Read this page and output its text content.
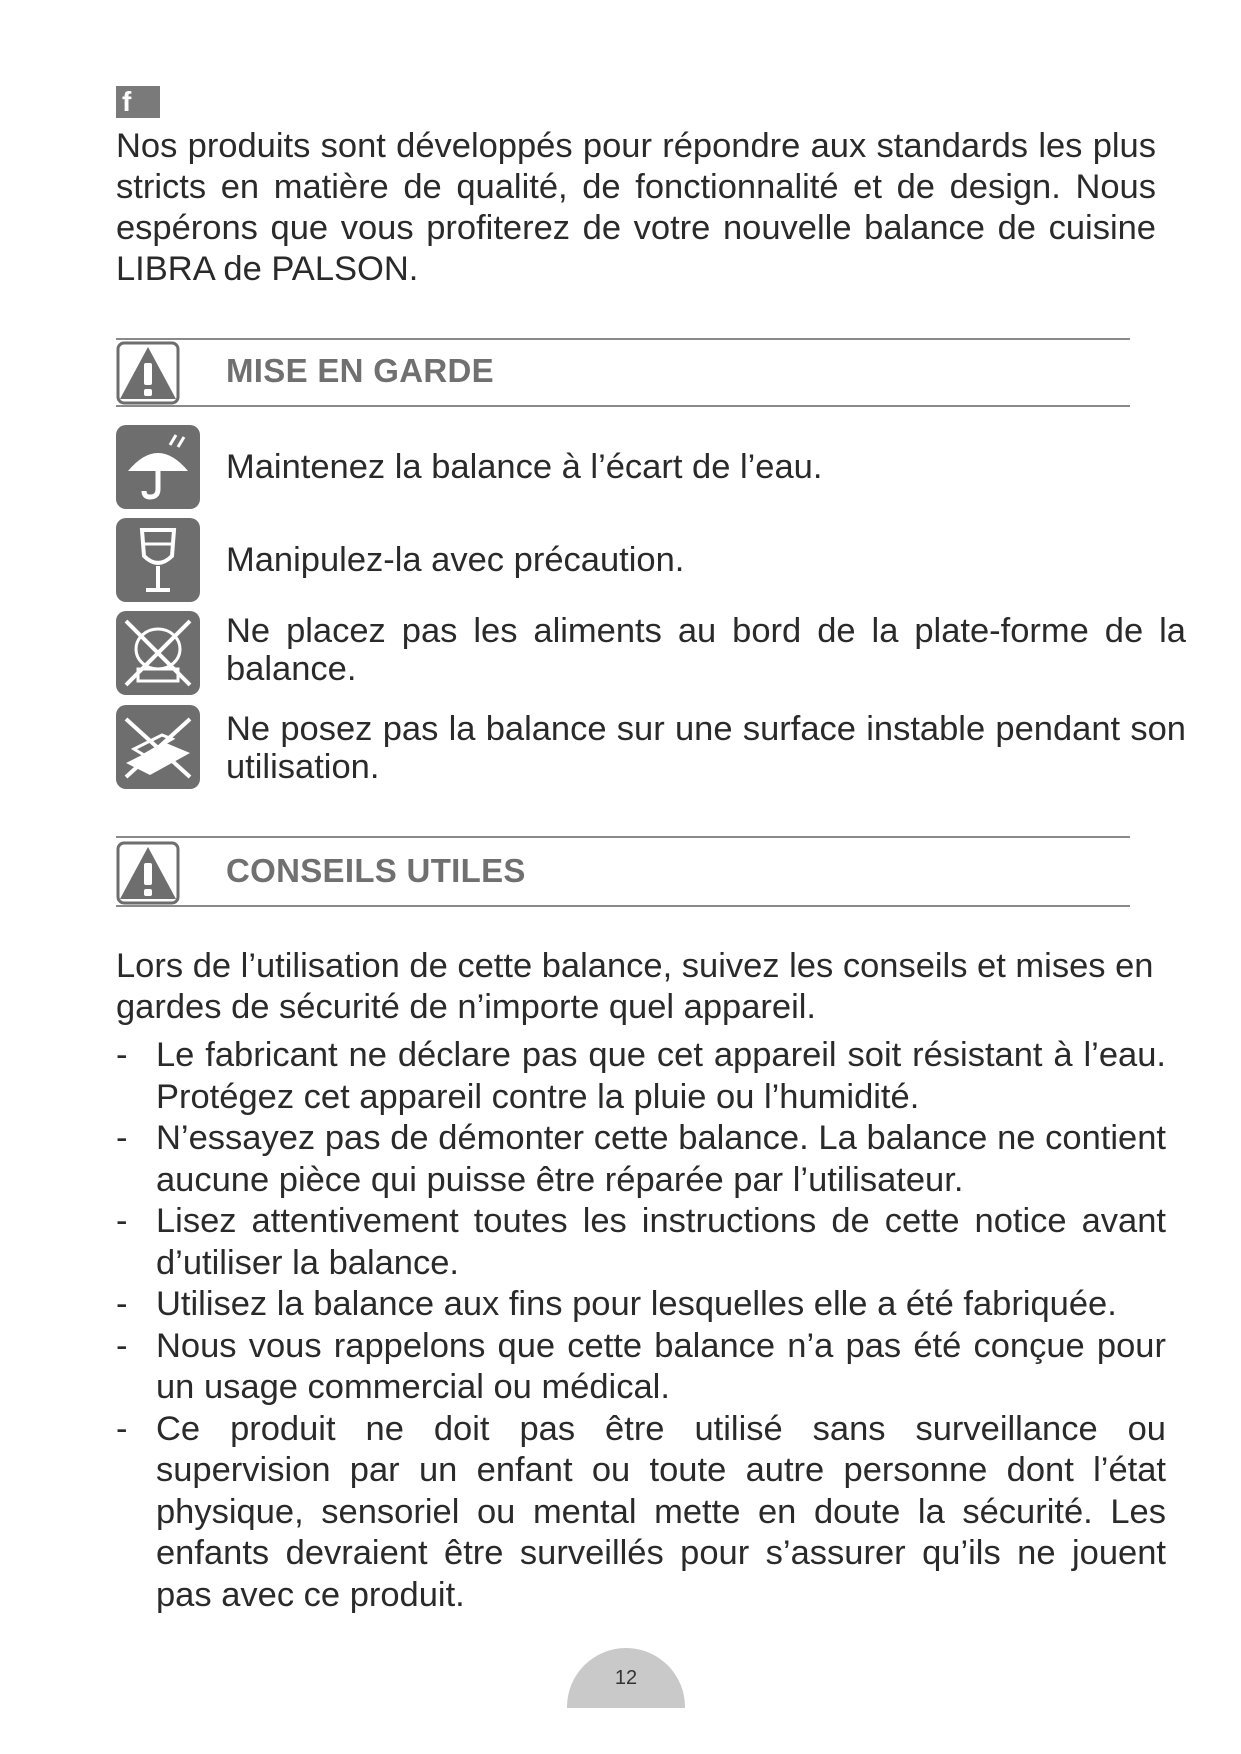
f
Nos produits sont développés pour répondre aux standards les plus stricts en matière de qualité, de fonctionnalité et de design. Nous espérons que vous profiterez de votre nouvelle balance de cuisine LIBRA de PALSON.
MISE EN GARDE
Maintenez la balance à l’écart de l’eau.
Manipulez-la avec précaution.
Ne placez pas les aliments au bord de la plate-forme de la balance.
Ne posez pas la balance sur une surface instable pendant son utilisation.
CONSEILS UTILES
Lors de l’utilisation de cette balance, suivez les conseils et mises en gardes de sécurité de n’importe quel appareil.
- Le fabricant ne déclare pas que cet appareil soit résistant à l’eau. Protégez cet appareil contre la pluie ou l’humidité.
- N’essayez pas de démonter cette balance. La balance ne contient aucune pièce qui puisse être réparée par l’utilisateur.
- Lisez attentivement toutes les instructions de cette notice avant d’utiliser la balance.
- Utilisez la balance aux fins pour lesquelles elle a été fabriquée.
- Nous vous rappelons que cette balance n’a pas été conçue pour un usage commercial ou médical.
- Ce produit ne doit pas être utilisé sans surveillance ou supervision par un enfant ou toute autre personne dont l’état physique, sensoriel ou mental mette en doute la sécurité. Les enfants devraient être surveillés pour s’assurer qu’ils ne jouent pas avec ce produit.
12
